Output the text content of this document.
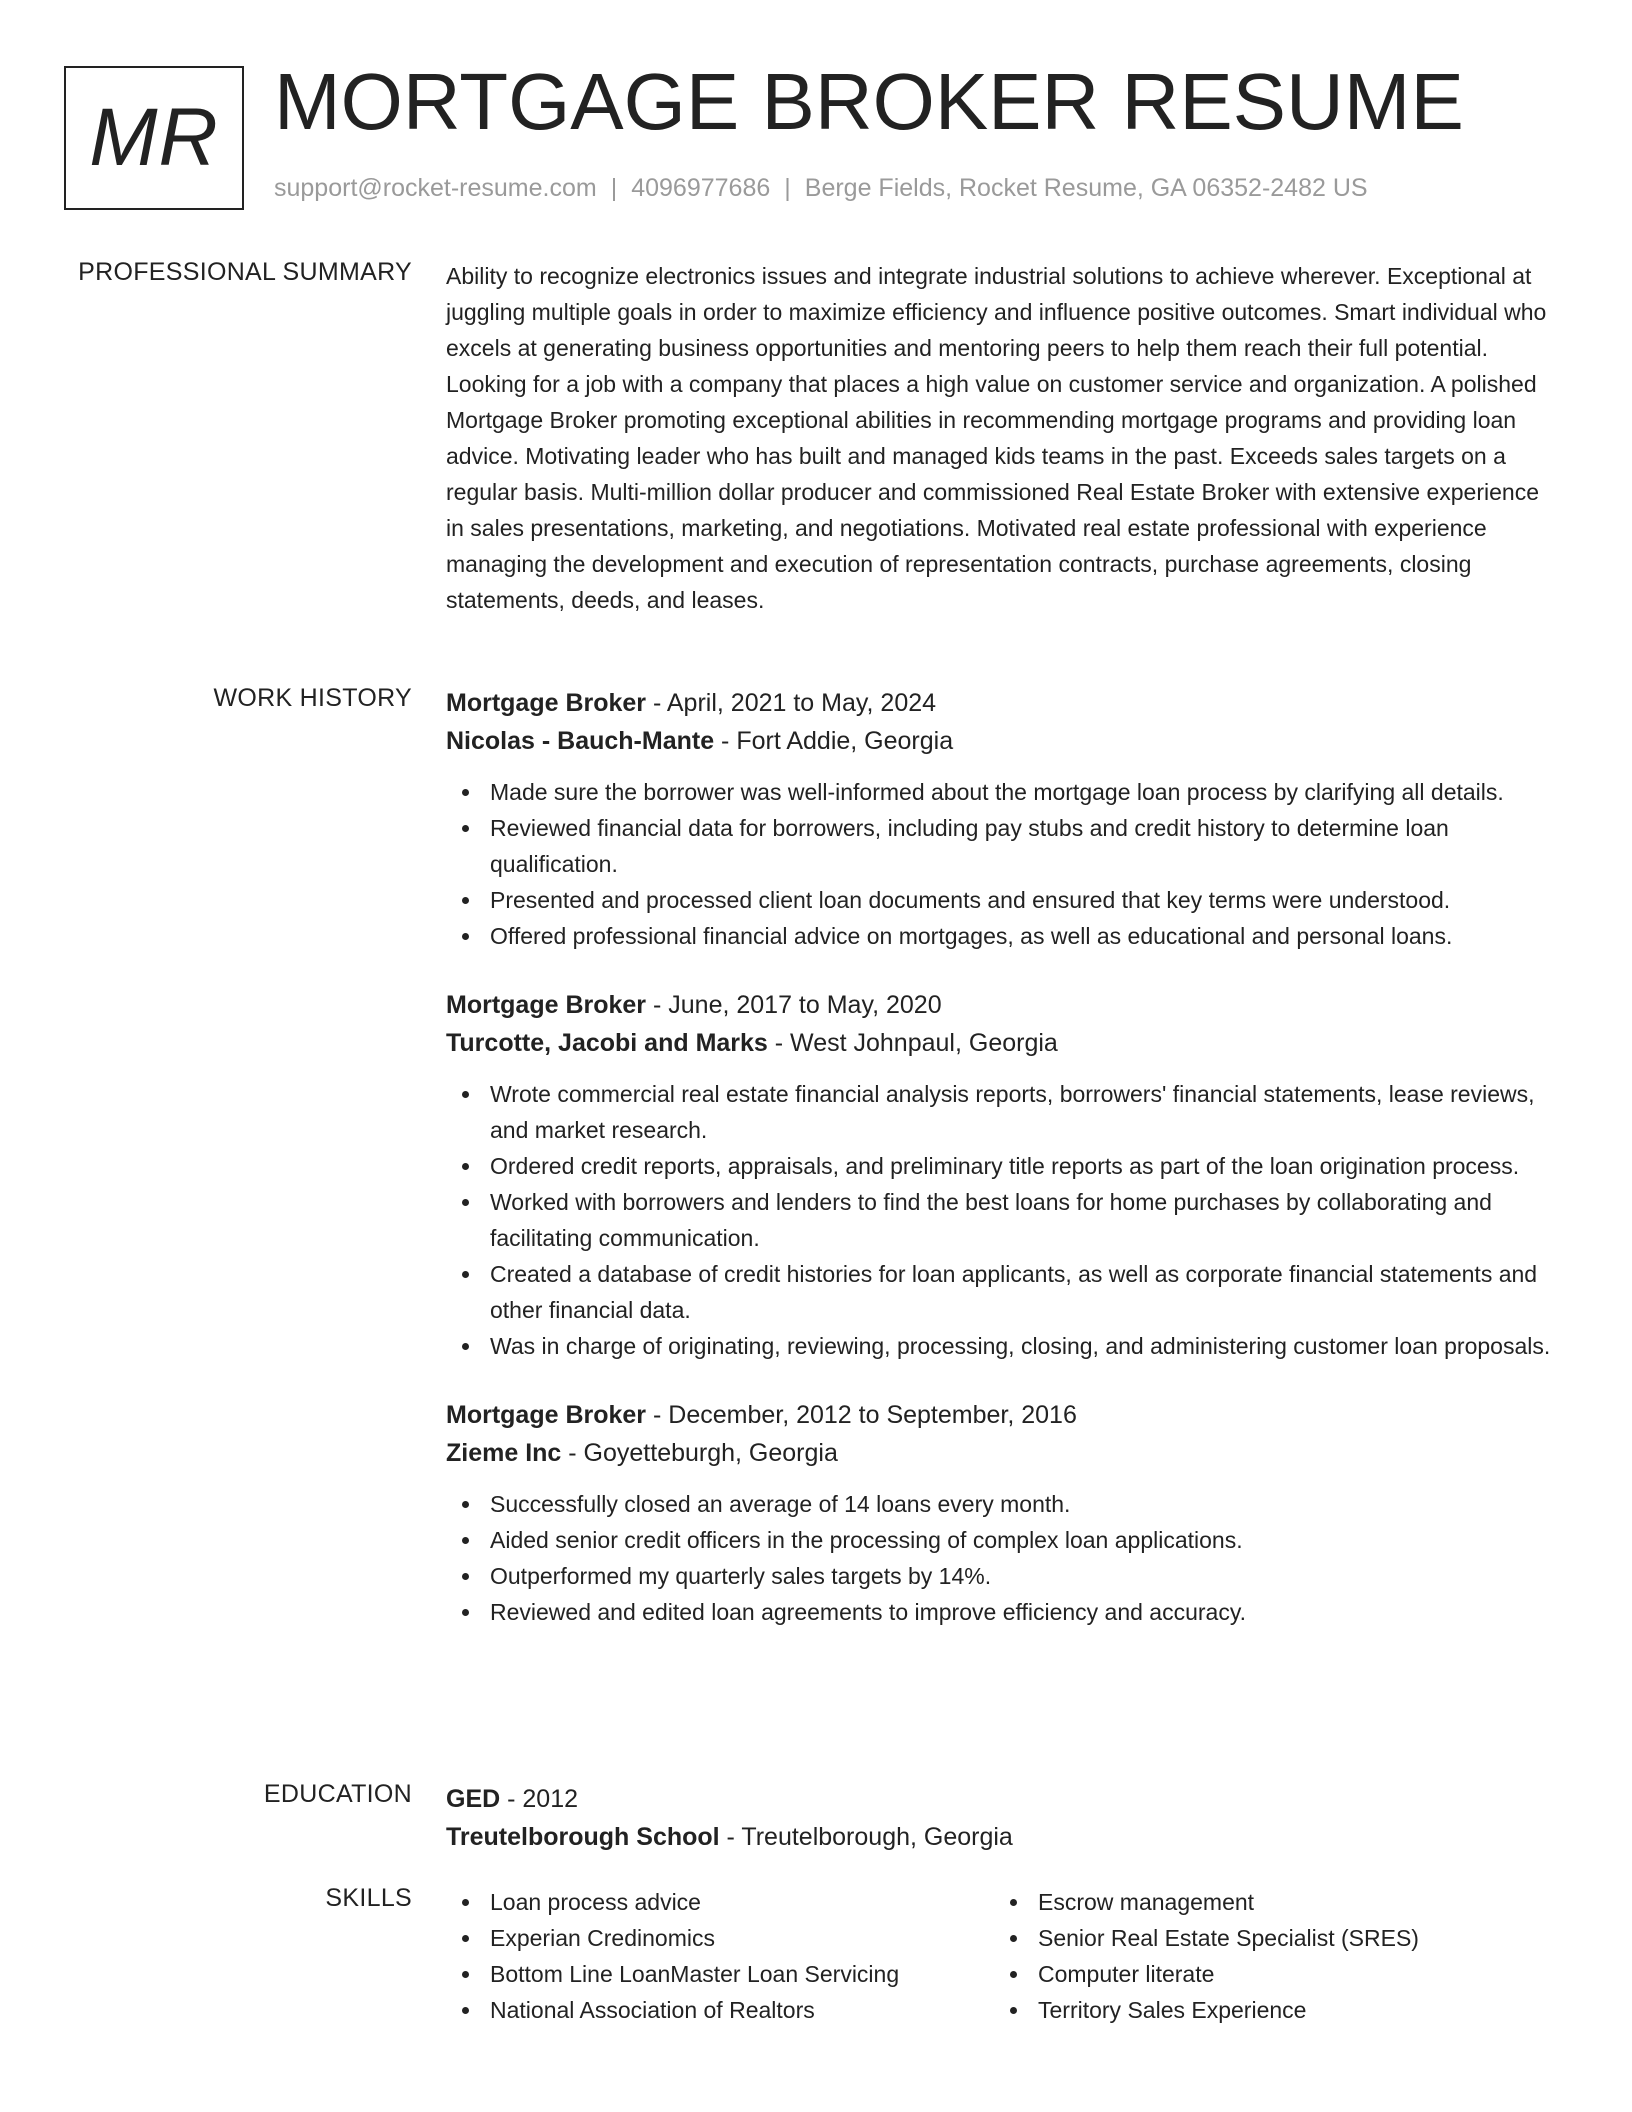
MR MORTGAGE BROKER RESUME
support@rocket-resume.com | 4096977686 | Berge Fields, Rocket Resume, GA 06352-2482 US
PROFESSIONAL SUMMARY Ability to recognize electronics issues and integrate industrial solutions to achieve wherever. Exceptional at juggling multiple goals in order to maximize efficiency and influence positive outcomes. Smart individual who excels at generating business opportunities and mentoring peers to help them reach their full potential. Looking for a job with a company that places a high value on customer service and organization. A polished Mortgage Broker promoting exceptional abilities in recommending mortgage programs and providing loan advice. Motivating leader who has built and managed kids teams in the past. Exceeds sales targets on a regular basis. Multi-million dollar producer and commissioned Real Estate Broker with extensive experience in sales presentations, marketing, and negotiations. Motivated real estate professional with experience managing the development and execution of representation contracts, purchase agreements, closing statements, deeds, and leases.
WORK HISTORY Mortgage Broker - April, 2021 to May, 2024
Nicolas - Bauch-Mante - Fort Addie, Georgia
Made sure the borrower was well-informed about the mortgage loan process by clarifying all details.
Reviewed financial data for borrowers, including pay stubs and credit history to determine loan qualification.
Presented and processed client loan documents and ensured that key terms were understood.
Offered professional financial advice on mortgages, as well as educational and personal loans.
Mortgage Broker - June, 2017 to May, 2020
Turcotte, Jacobi and Marks - West Johnpaul, Georgia
Wrote commercial real estate financial analysis reports, borrowers' financial statements, lease reviews, and market research.
Ordered credit reports, appraisals, and preliminary title reports as part of the loan origination process.
Worked with borrowers and lenders to find the best loans for home purchases by collaborating and facilitating communication.
Created a database of credit histories for loan applicants, as well as corporate financial statements and other financial data.
Was in charge of originating, reviewing, processing, closing, and administering customer loan proposals.
Mortgage Broker - December, 2012 to September, 2016
Zieme Inc - Goyetteburgh, Georgia
Successfully closed an average of 14 loans every month.
Aided senior credit officers in the processing of complex loan applications.
Outperformed my quarterly sales targets by 14%.
Reviewed and edited loan agreements to improve efficiency and accuracy.
EDUCATION GED - 2012
Treutelborough School - Treutelborough, Georgia
SKILLS	Loan process advice	Escrow management
Experian Credinomics	Senior Real Estate Specialist (SRES)
Bottom Line LoanMaster Loan Servicing	Computer literate
National Association of Realtors	Territory Sales Experience
